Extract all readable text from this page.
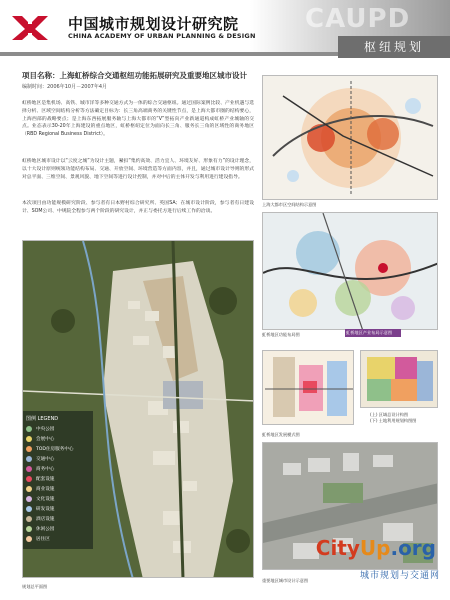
CAUPD
中国城市规划设计研究院
CHINA ACADEMY OF URBAN PLANNING & DESIGN
枢纽规划
项目名称：上海虹桥综合交通枢纽功能拓展研究及重要地区城市设计
编制时间：2006年10月－2007年4月

虹桥地区是集机场、高铁、城市洋等多种交通方式为一体的综合交通枢纽。通过国际案例比较、产业机遇与选择分析、区域空间结构分析等方法确定目标为：长三角高端商务的关键性节点，是上海大都市圈的结构要心，上海西部的战略要点；是上海东西拓展服务轴与上海大都市的“V”型拓向产业新通道构成虹桥产业城轴的交点。业态表示30-20年上海建设的重点地区，虹桥枢纽定位为面向长三角、服务长三角的区域性的商务地区（RBD Regional Business District）。

虹桥地区城市设计以“云度之城”为设计主题，紧扣“集约高效、活力宜人、环境友好、形象有力”的设计理念，以十大设计原则统领功能结构布局、交通、开放空间、环境营造等方面内容，并且，通过城市设计导则的形式对总平面、三维空间、景观风貌、地下空间等进行设计控制，并对中后的主体开发与利用进行建设指导。

本次项目由功能规模研究阶段、参与者有日本野村综合研究所、英国SA；在城市设计阶段，参与者有日建设计、SOM公司、中规院全程参与两个阶段的研究设计，并正与委托方进行后续工作的洽谈。

上海大都市区空间结构示意图
虹桥地区功能布局图	虹桥地区产业布局示意图
虹桥地区发展模式图
(上) 区域总设计构图
(下) 土地利用规划构图图
重要地区城市设计示意图
图例 LEGEND
中央公园
会展中心
TOD住房服务中心
交通中心
商务中心
配套设施
商业设施
文化设施
研发设施
酒店设施
休闲公园
居住区
规划总平面图
CityUp.org
城市规划与交通网
